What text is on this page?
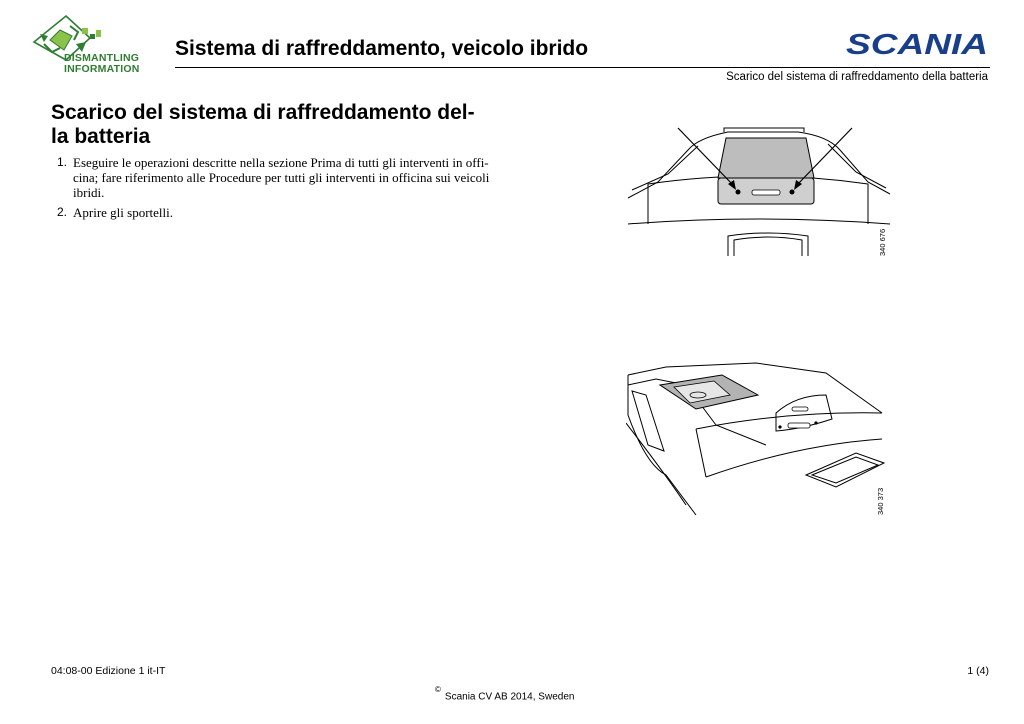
DISMANTLING
INFORMATION
Sistema di raffreddamento, veicolo ibrido	SCANIA
Scarico del sistema di raffreddamento della batteria
Scarico del sistema di raffreddamento del-
la batteria
1. Eseguire le operazioni descritte nella sezione Prima di tutti gli interventi in offi-cina; fare riferimento alle Procedure per tutti gli interventi in officina sui veicoli ibridi.
2. Aprire gli sportelli.
340 676
340 373
04:08-00 Edizione 1 it-IT	1 (4)
©Scania CV AB 2014, Sweden
